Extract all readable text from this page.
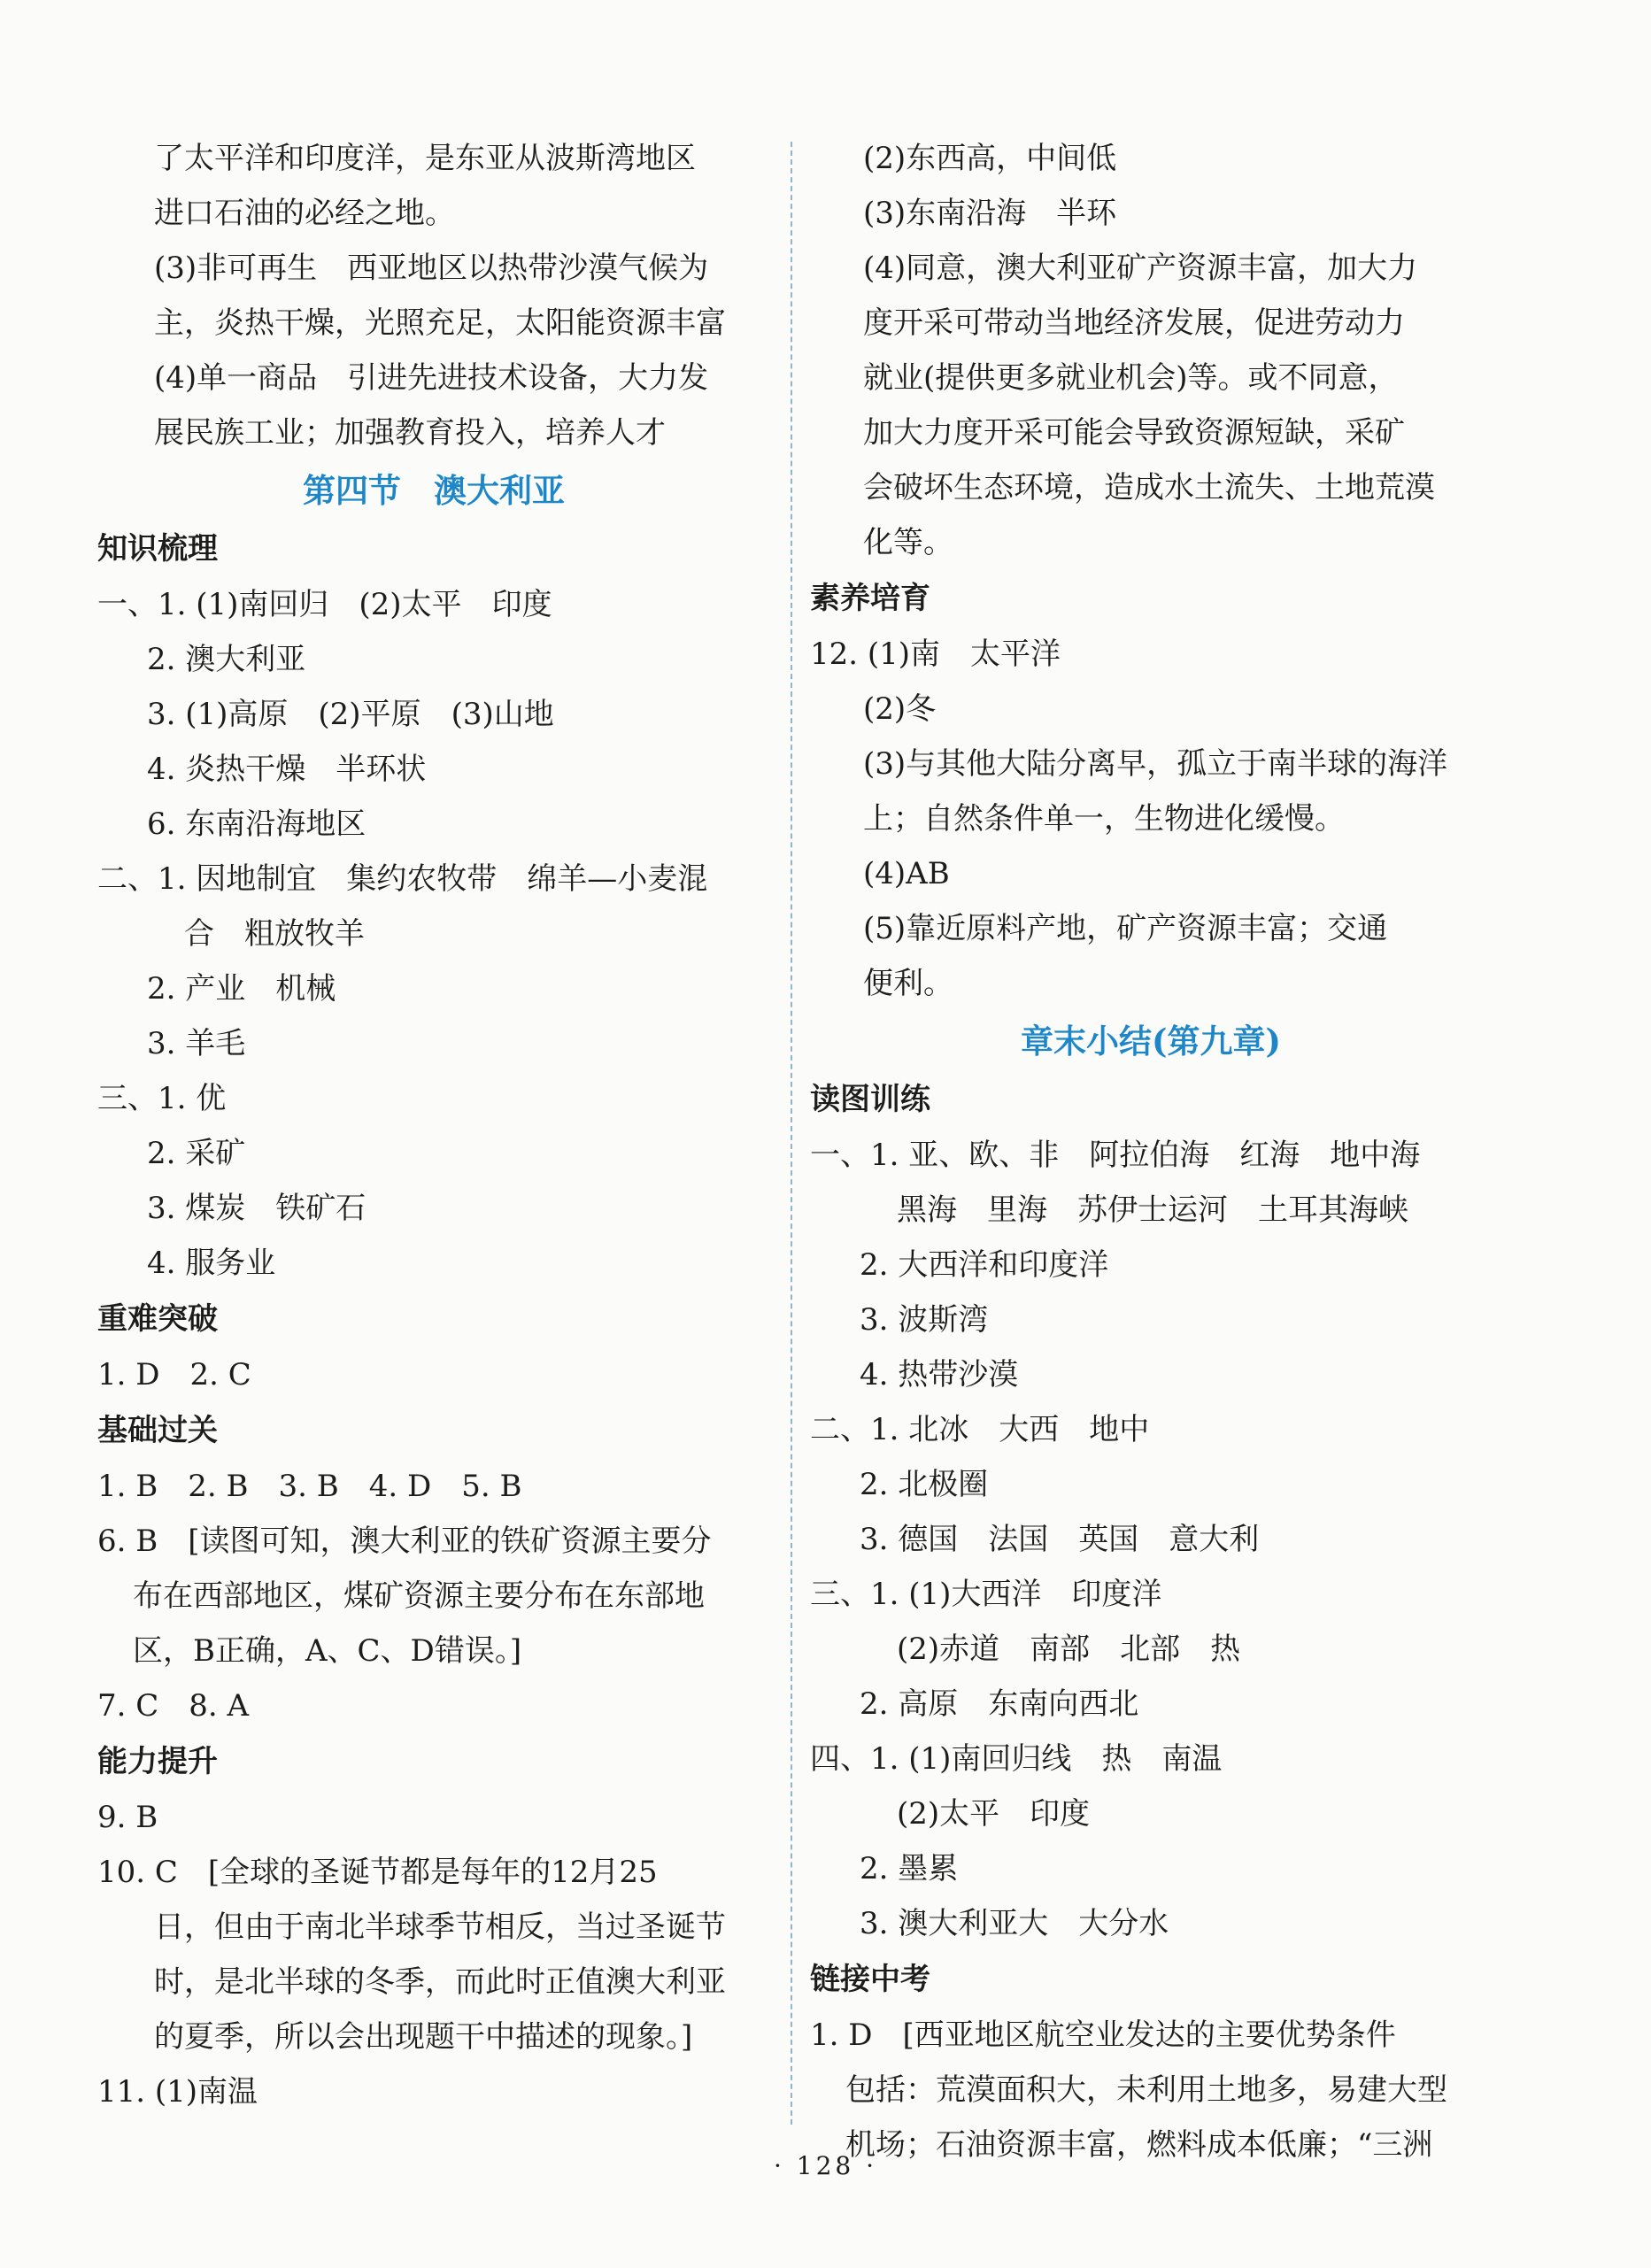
了太平洋和印度洋，是东亚从波斯湾地区
进口石油的必经之地。
(3)非可再生　西亚地区以热带沙漠气候为
主，炎热干燥，光照充足，太阳能资源丰富
(4)单一商品　引进先进技术设备，大力发
展民族工业；加强教育投入，培养人才
第四节　澳大利亚
知识梳理
一、1. (1)南回归　(2)太平　印度
2. 澳大利亚
3. (1)高原　(2)平原　(3)山地
4. 炎热干燥　半环状
6. 东南沿海地区
二、1. 因地制宜　集约农牧带　绵羊—小麦混
合　粗放牧羊
2. 产业　机械
3. 羊毛
三、1. 优
2. 采矿
3. 煤炭　铁矿石
4. 服务业
重难突破
1. D　2. C
基础过关
1. B　2. B　3. B　4. D　5. B
6. B　[读图可知，澳大利亚的铁矿资源主要分
布在西部地区，煤矿资源主要分布在东部地
区，B正确，A、C、D错误。]
7. C　8. A
能力提升
9. B
10. C　[全球的圣诞节都是每年的12月25
日，但由于南北半球季节相反，当过圣诞节
时，是北半球的冬季，而此时正值澳大利亚
的夏季，所以会出现题干中描述的现象。]
11. (1)南温
(2)东西高，中间低
(3)东南沿海　半环
(4)同意，澳大利亚矿产资源丰富，加大力
度开采可带动当地经济发展，促进劳动力
就业(提供更多就业机会)等。或不同意，
加大力度开采可能会导致资源短缺，采矿
会破坏生态环境，造成水土流失、土地荒漠
化等。
素养培育
12. (1)南　太平洋
(2)冬
(3)与其他大陆分离早，孤立于南半球的海洋
上；自然条件单一，生物进化缓慢。
(4)AB
(5)靠近原料产地，矿产资源丰富；交通
便利。
章末小结(第九章)
读图训练
一、1. 亚、欧、非　阿拉伯海　红海　地中海
黑海　里海　苏伊士运河　土耳其海峡
2. 大西洋和印度洋
3. 波斯湾
4. 热带沙漠
二、1. 北冰　大西　地中
2. 北极圈
3. 德国　法国　英国　意大利
三、1. (1)大西洋　印度洋
(2)赤道　南部　北部　热
2. 高原　东南向西北
四、1. (1)南回归线　热　南温
(2)太平　印度
2. 墨累
3. 澳大利亚大　大分水
链接中考
1. D　[西亚地区航空业发达的主要优势条件
包括：荒漠面积大，未利用土地多，易建大型
机场；石油资源丰富，燃料成本低廉；“三洲
· 128 ·
